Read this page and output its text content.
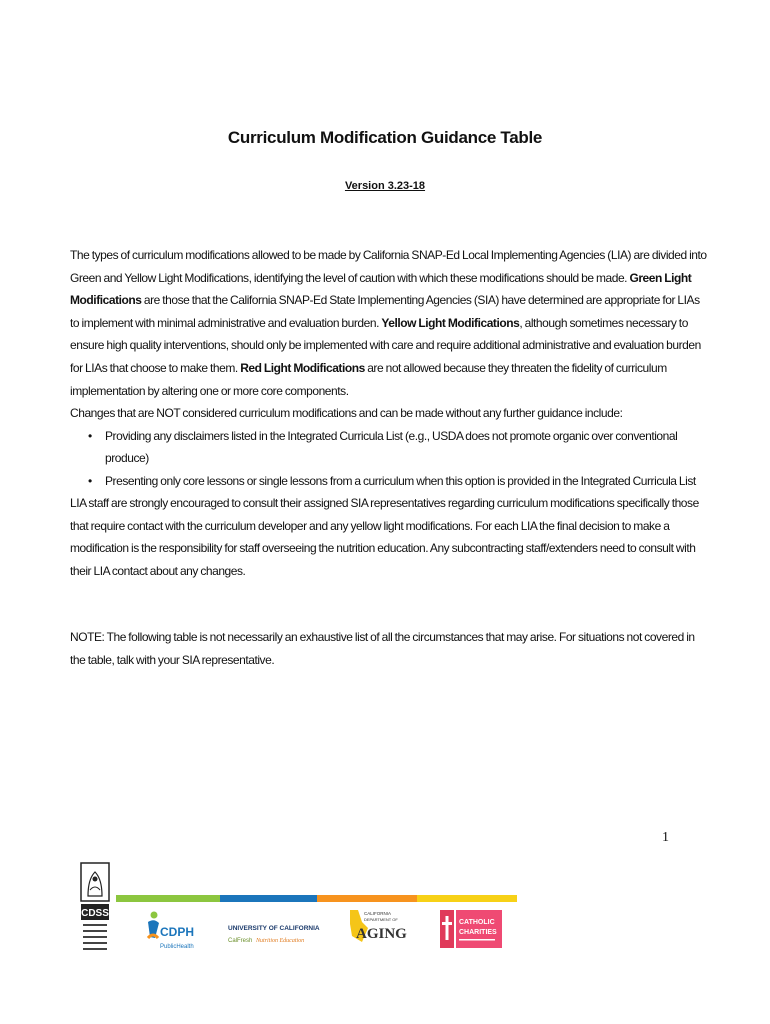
Curriculum Modification Guidance Table
Version 3.23-18
The types of curriculum modifications allowed to be made by California SNAP-Ed Local Implementing Agencies (LIA) are divided into Green and Yellow Light Modifications, identifying the level of caution with which these modifications should be made. Green Light Modifications are those that the California SNAP-Ed State Implementing Agencies (SIA) have determined are appropriate for LIAs to implement with minimal administrative and evaluation burden. Yellow Light Modifications, although sometimes necessary to ensure high quality interventions, should only be implemented with care and require additional administrative and evaluation burden for LIAs that choose to make them. Red Light Modifications are not allowed because they threaten the fidelity of curriculum implementation by altering one or more core components.
Changes that are NOT considered curriculum modifications and can be made without any further guidance include:
• Providing any disclaimers listed in the Integrated Curricula List (e.g., USDA does not promote organic over conventional produce)
• Presenting only core lessons or single lessons from a curriculum when this option is provided in the Integrated Curricula List
LIA staff are strongly encouraged to consult their assigned SIA representatives regarding curriculum modifications specifically those that require contact with the curriculum developer and any yellow light modifications. For each LIA the final decision to make a modification is the responsibility for staff overseeing the nutrition education. Any subcontracting staff/extenders need to consult with their LIA contact about any changes.
NOTE: The following table is not necessarily an exhaustive list of all the circumstances that may arise. For situations not covered in the table, talk with your SIA representative.
1
CDSS
CDPH
PublicHealth
UNIVERSITY OF CALIFORNIA
CalFresh Nutrition Education
CALIFORNIA
DEPARTMENT OF
AGING
CATHOLIC
CHARITIES
